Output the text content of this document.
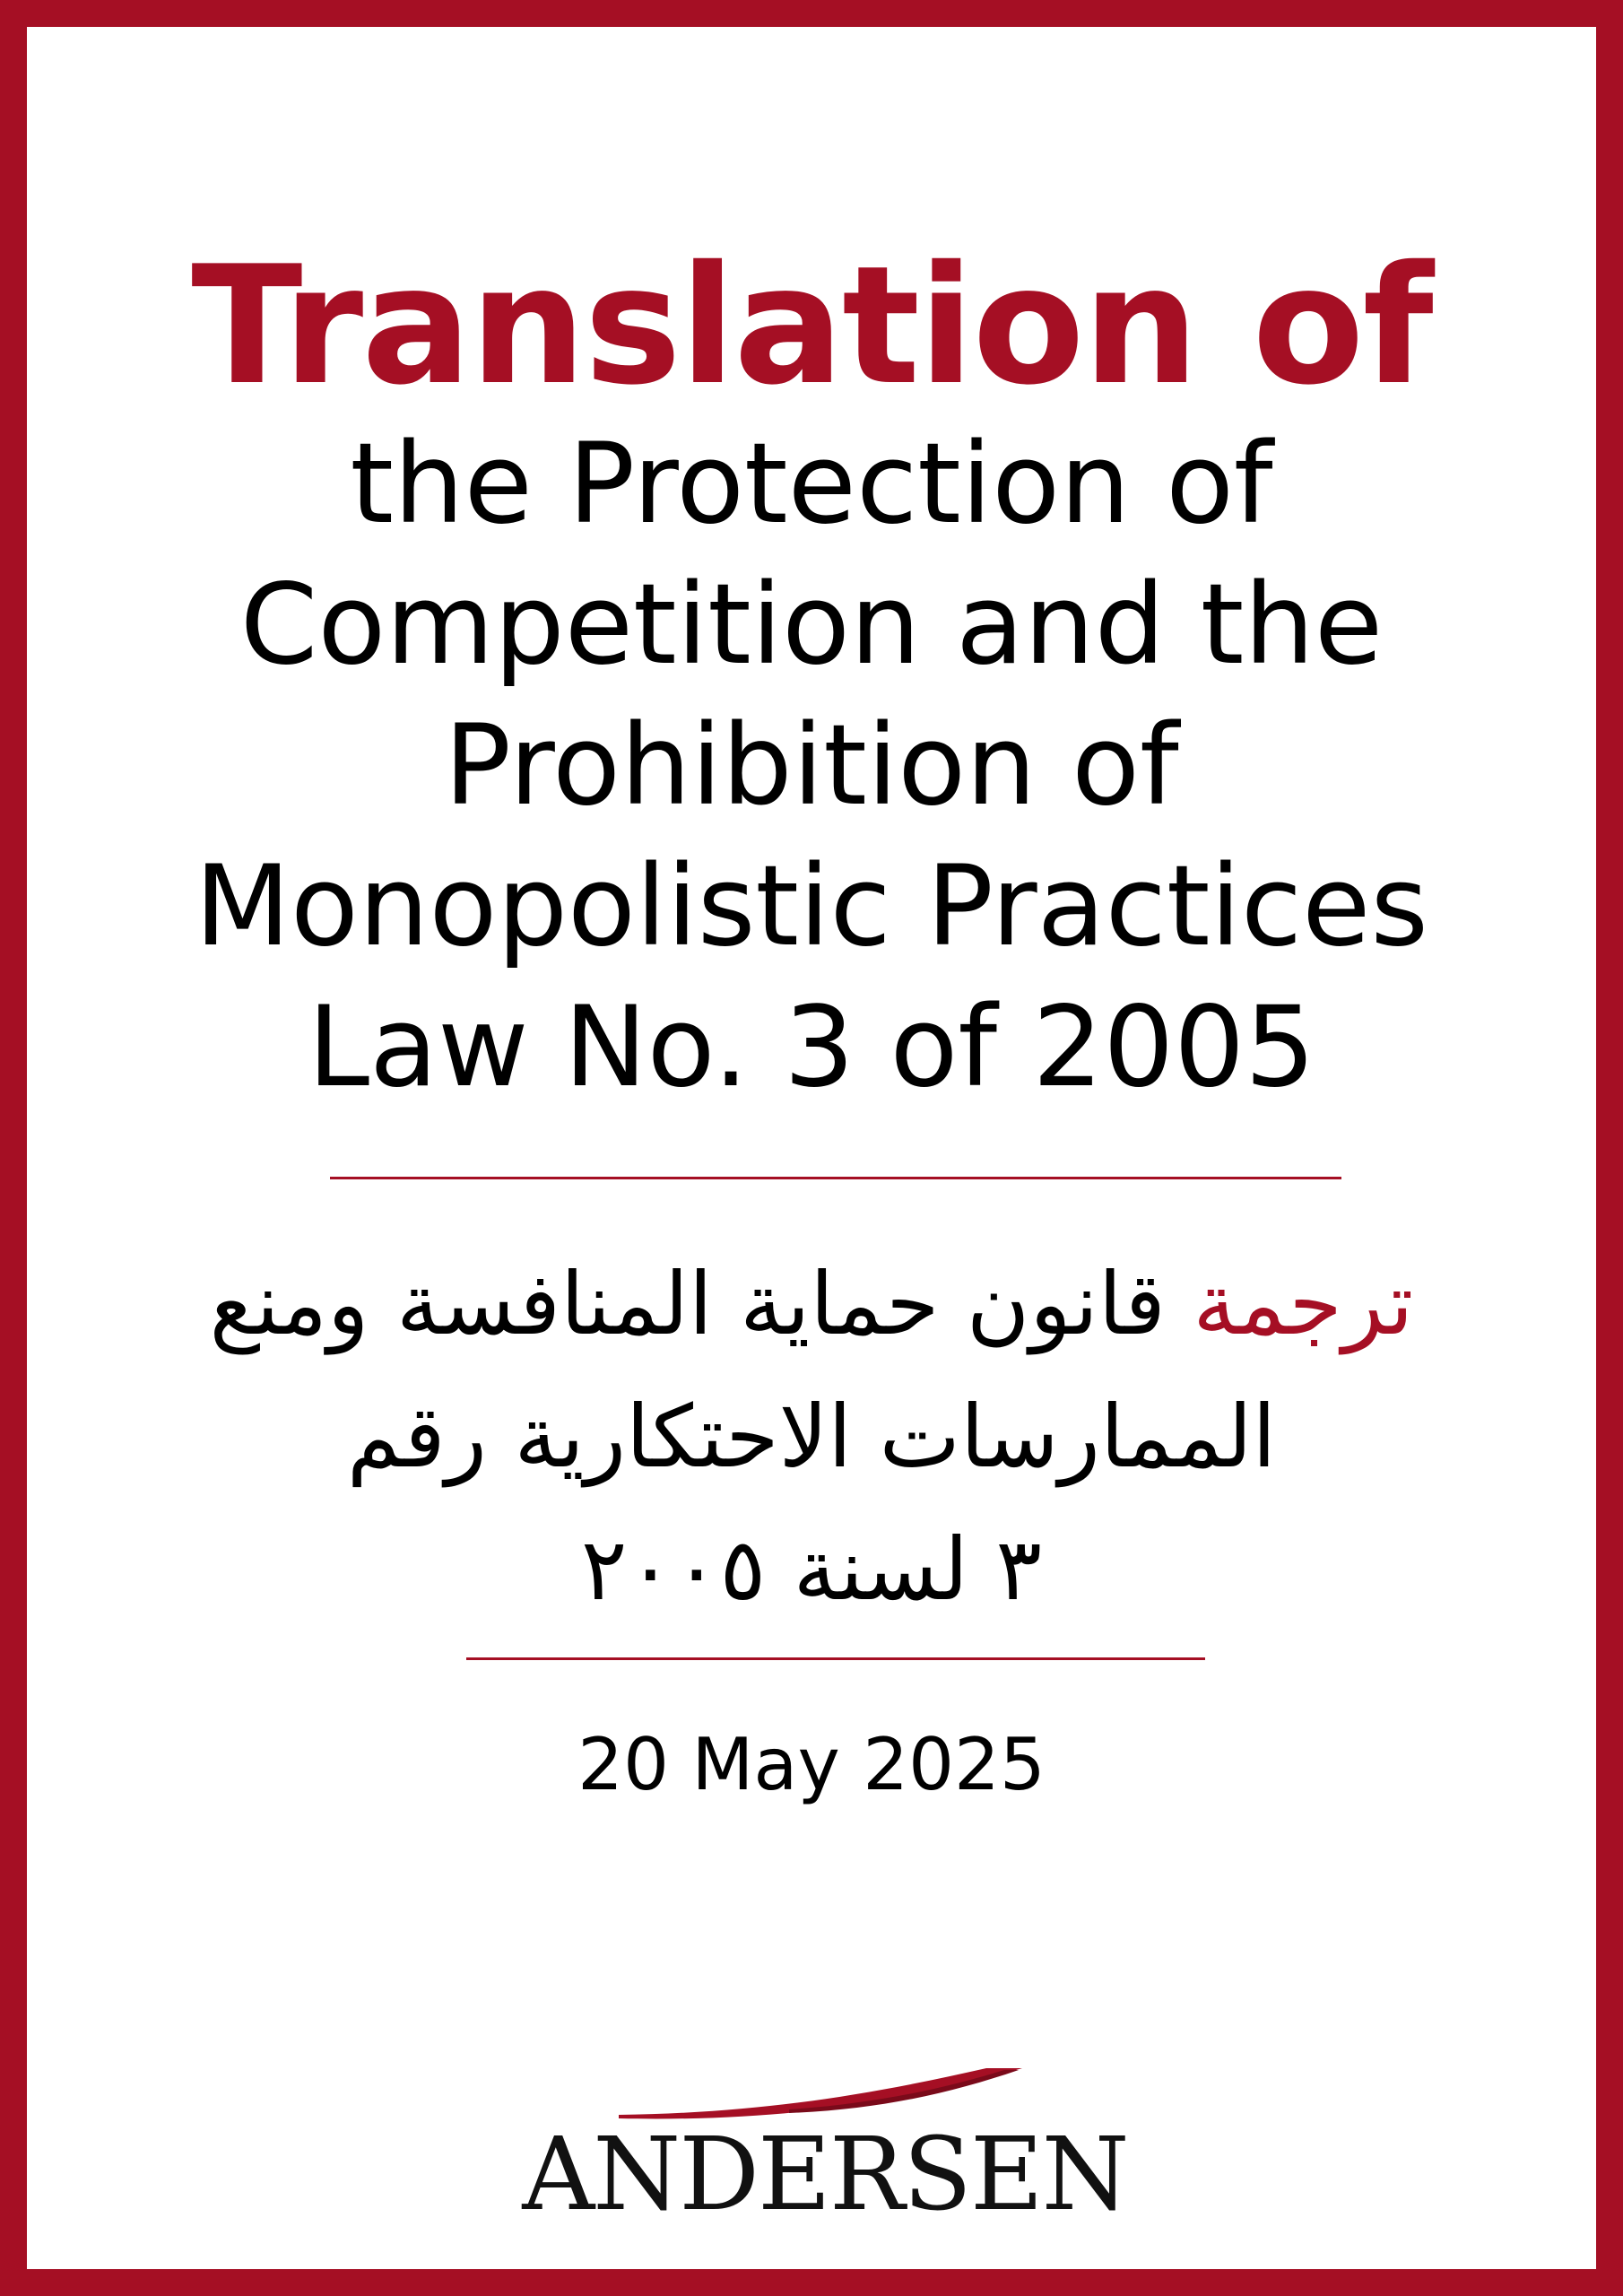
Translation of
the Protection of
Competition and the
Prohibition of
Monopolistic Practices
Law No. 3 of 2005
ترجمة قانون حماية المنافسة ومنع
الممارسات الاحتكارية رقم
٣ لسنة ٢٠٠٥
20 May 2025
ANDERSEN
